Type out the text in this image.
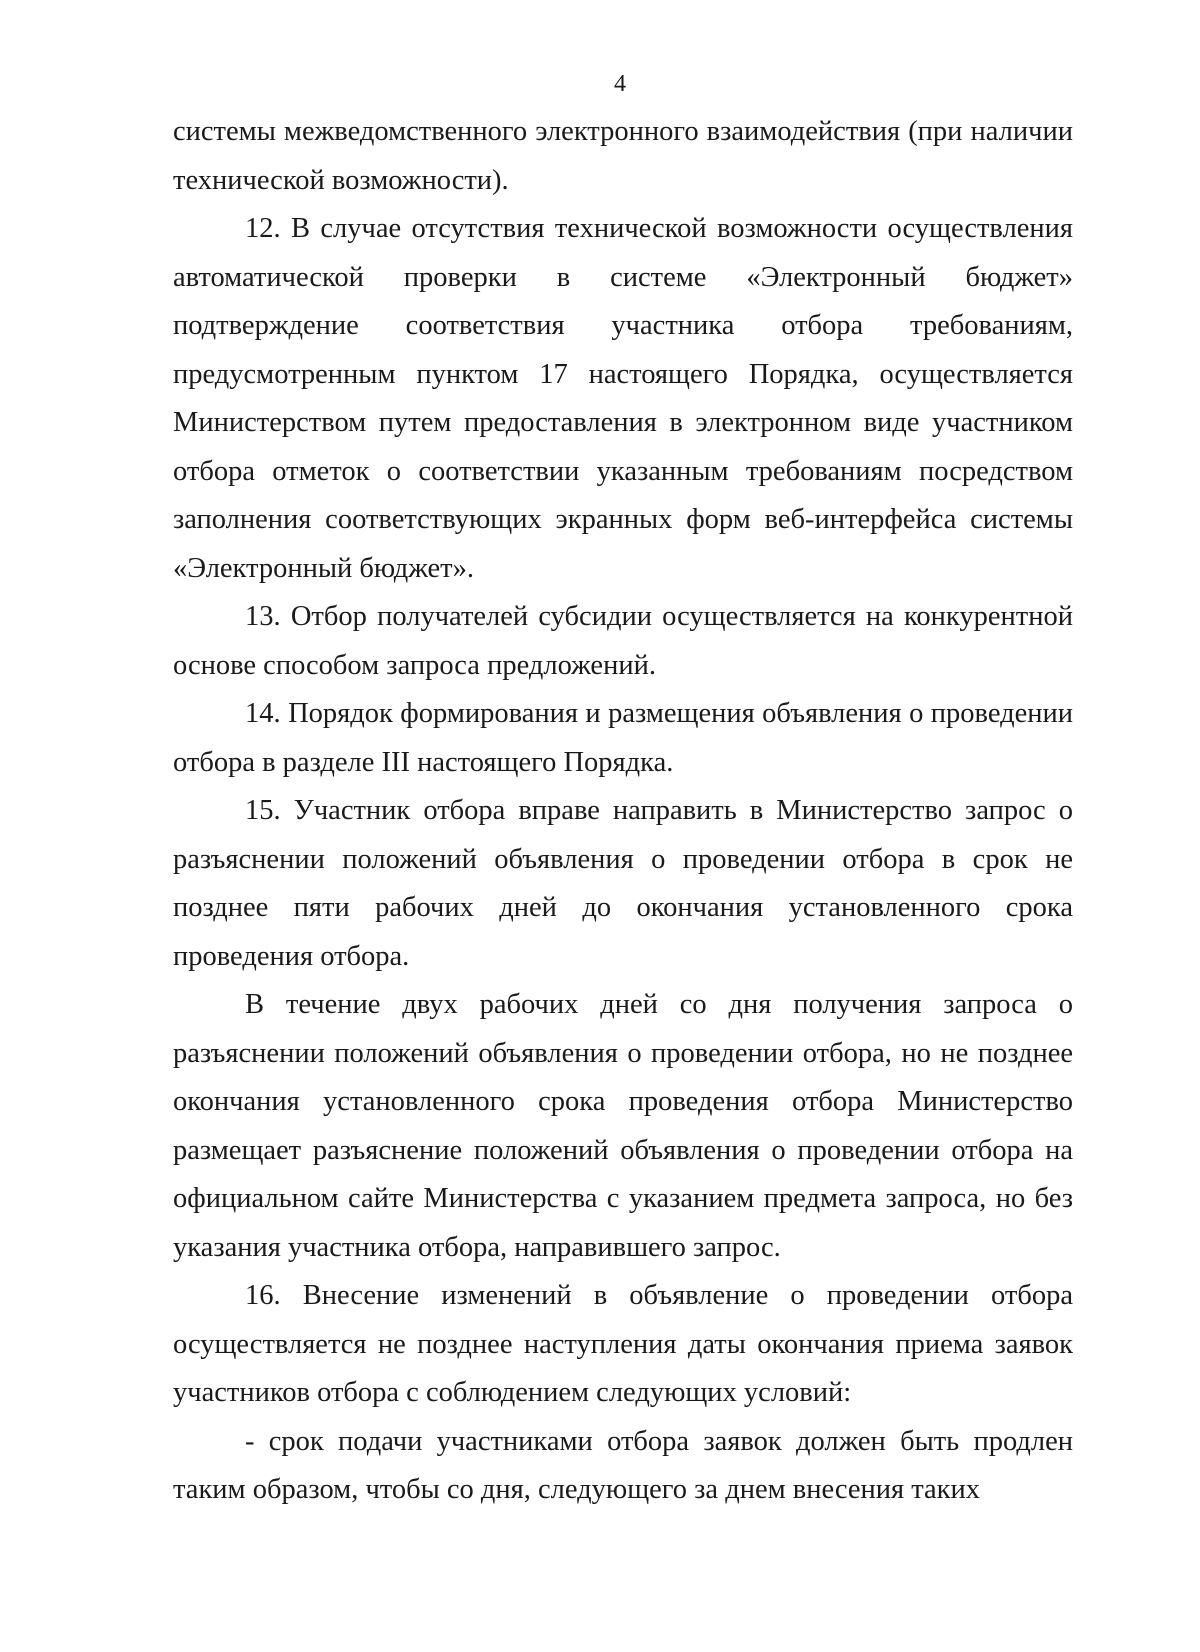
4

системы межведомственного электронного взаимодействия (при наличии технической возможности).

12. В случае отсутствия технической возможности осуществления автоматической проверки в системе «Электронный бюджет» подтверждение соответствия участника отбора требованиям, предусмотренным пунктом 17 настоящего Порядка, осуществляется Министерством путем предоставления в электронном виде участником отбора отметок о соответствии указанным требованиям посредством заполнения соответствующих экранных форм веб-интерфейса системы «Электронный бюджет».

13. Отбор получателей субсидии осуществляется на конкурентной основе способом запроса предложений.

14. Порядок формирования и размещения объявления о проведении отбора в разделе III настоящего Порядка.

15. Участник отбора вправе направить в Министерство запрос о разъяснении положений объявления о проведении отбора в срок не позднее пяти рабочих дней до окончания установленного срока проведения отбора.

В течение двух рабочих дней со дня получения запроса о разъяснении положений объявления о проведении отбора, но не позднее окончания установленного срока проведения отбора Министерство размещает разъяснение положений объявления о проведении отбора на официальном сайте Министерства с указанием предмета запроса, но без указания участника отбора, направившего запрос.

16. Внесение изменений в объявление о проведении отбора осуществляется не позднее наступления даты окончания приема заявок участников отбора с соблюдением следующих условий:

- срок подачи участниками отбора заявок должен быть продлен таким образом, чтобы со дня, следующего за днем внесения таких
